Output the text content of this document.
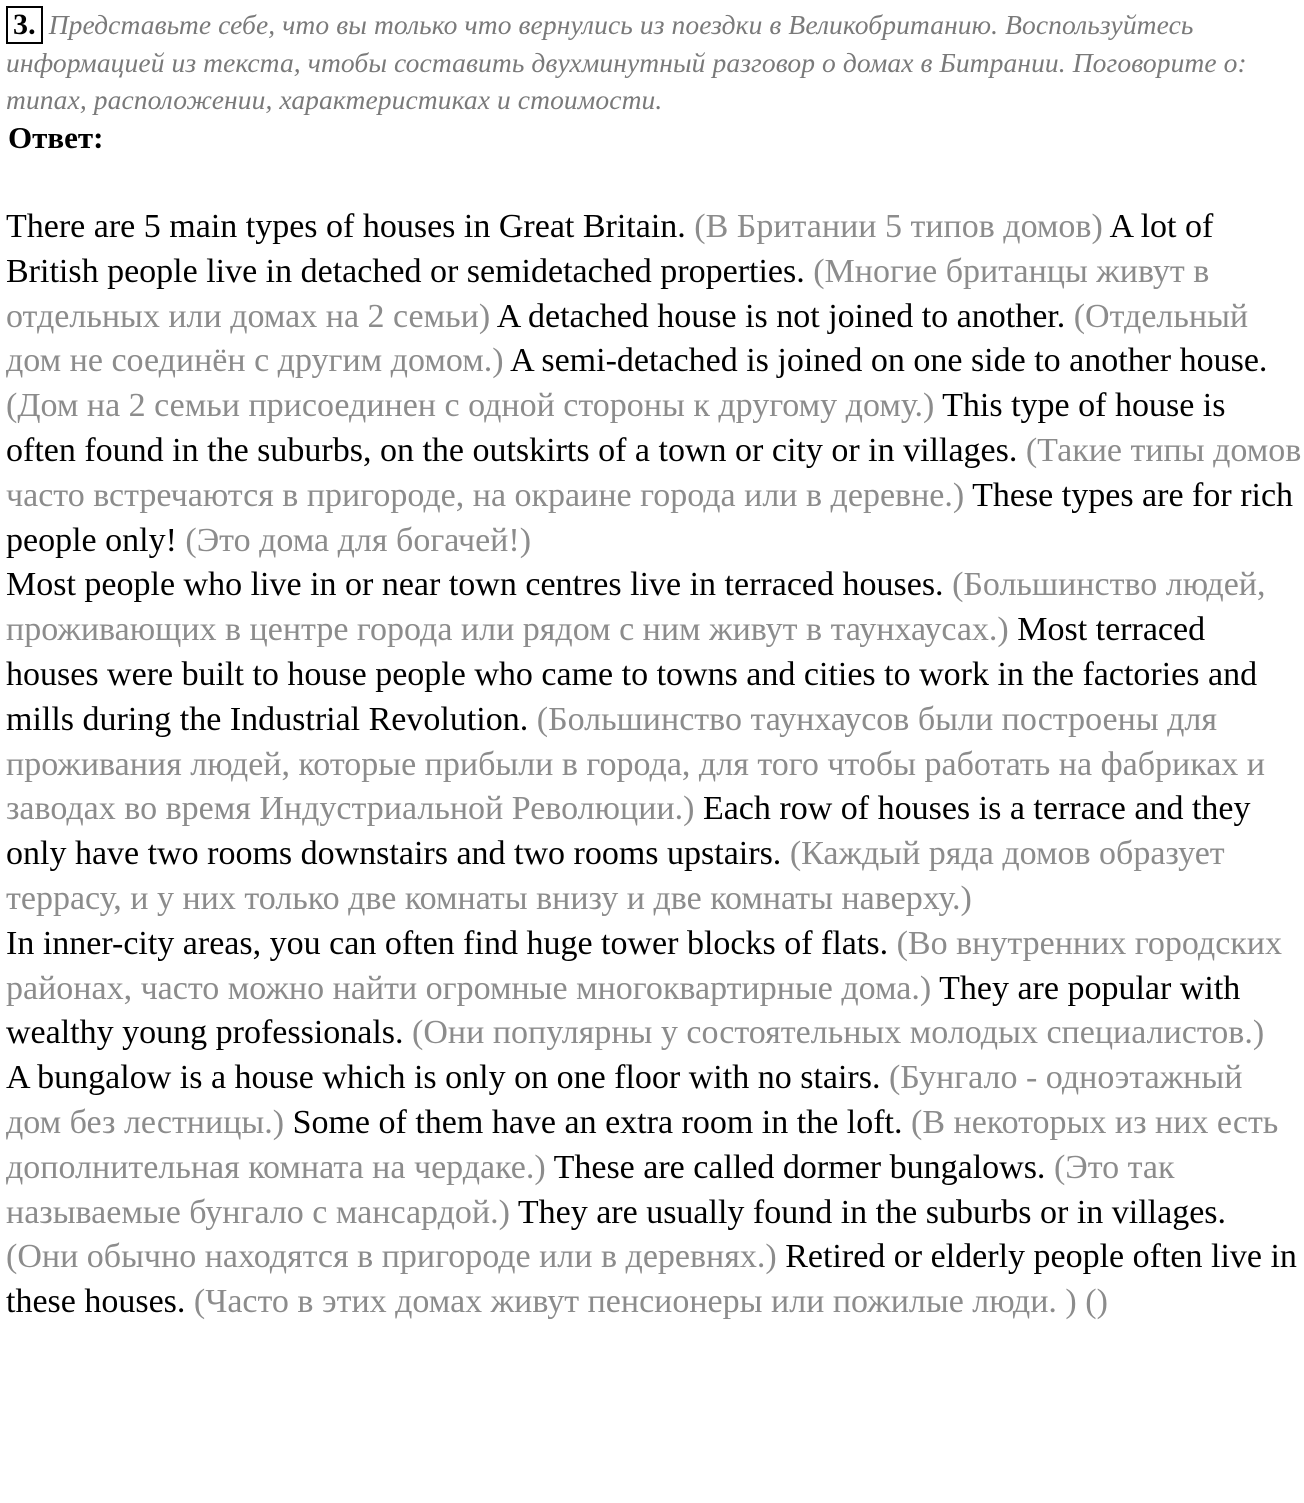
3. Представьте себе, что вы только что вернулись из поездки в Великобританию. Воспользуйтесь информацией из текста, чтобы составить двухминутный разговор о домах в Битрании. Поговорите о: типах, расположении, характеристиках и стоимости.

Ответ:

There are 5 main types of houses in Great Britain. (В Британии 5 типов домов) A lot of British people live in detached or semidetached properties. (Многие британцы живут в отдельных или домах на 2 семьи) A detached house is not joined to another. (Отдельный дом не соединён с другим домом.) A semi-detached is joined on one side to another house. (Дом на 2 семьи присоединен с одной стороны к другому дому.) This type of house is often found in the suburbs, on the outskirts of a town or city or in villages. (Такие типы домов часто встречаются в пригороде, на окраине города или в деревне.) These types are for rich people only! (Это дома для богачей!)

Most people who live in or near town centres live in terraced houses. (Большинство людей, проживающих в центре города или рядом с ним живут в таунхаусах.) Most terraced houses were built to house people who came to towns and cities to work in the factories and mills during the Industrial Revolution. (Большинство таунхаусов были построены для проживания людей, которые прибыли в города, для того чтобы работать на фабриках и заводах во время Индустриальной Революции.) Each row of houses is a terrace and they only have two rooms downstairs and two rooms upstairs. (Каждый ряда домов образует террасу, и у них только две комнаты внизу и две комнаты наверху.)

In inner-city areas, you can often find huge tower blocks of flats. (Во внутренних городских районах, часто можно найти огромные многоквартирные дома.) They are popular with wealthy young professionals. (Они популярны у состоятельных молодых специалистов.)

A bungalow is a house which is only on one floor with no stairs. (Бунгало - одноэтажный дом без лестницы.) Some of them have an extra room in the loft. (В некоторых из них есть дополнительная комната на чердаке.) These are called dormer bungalows. (Это так называемые бунгало с мансардой.) They are usually found in the suburbs or in villages. (Они обычно находятся в пригороде или в деревнях.) Retired or elderly people often live in these houses. (Часто в этих домах живут пенсионеры или пожилые люди. ) ()
